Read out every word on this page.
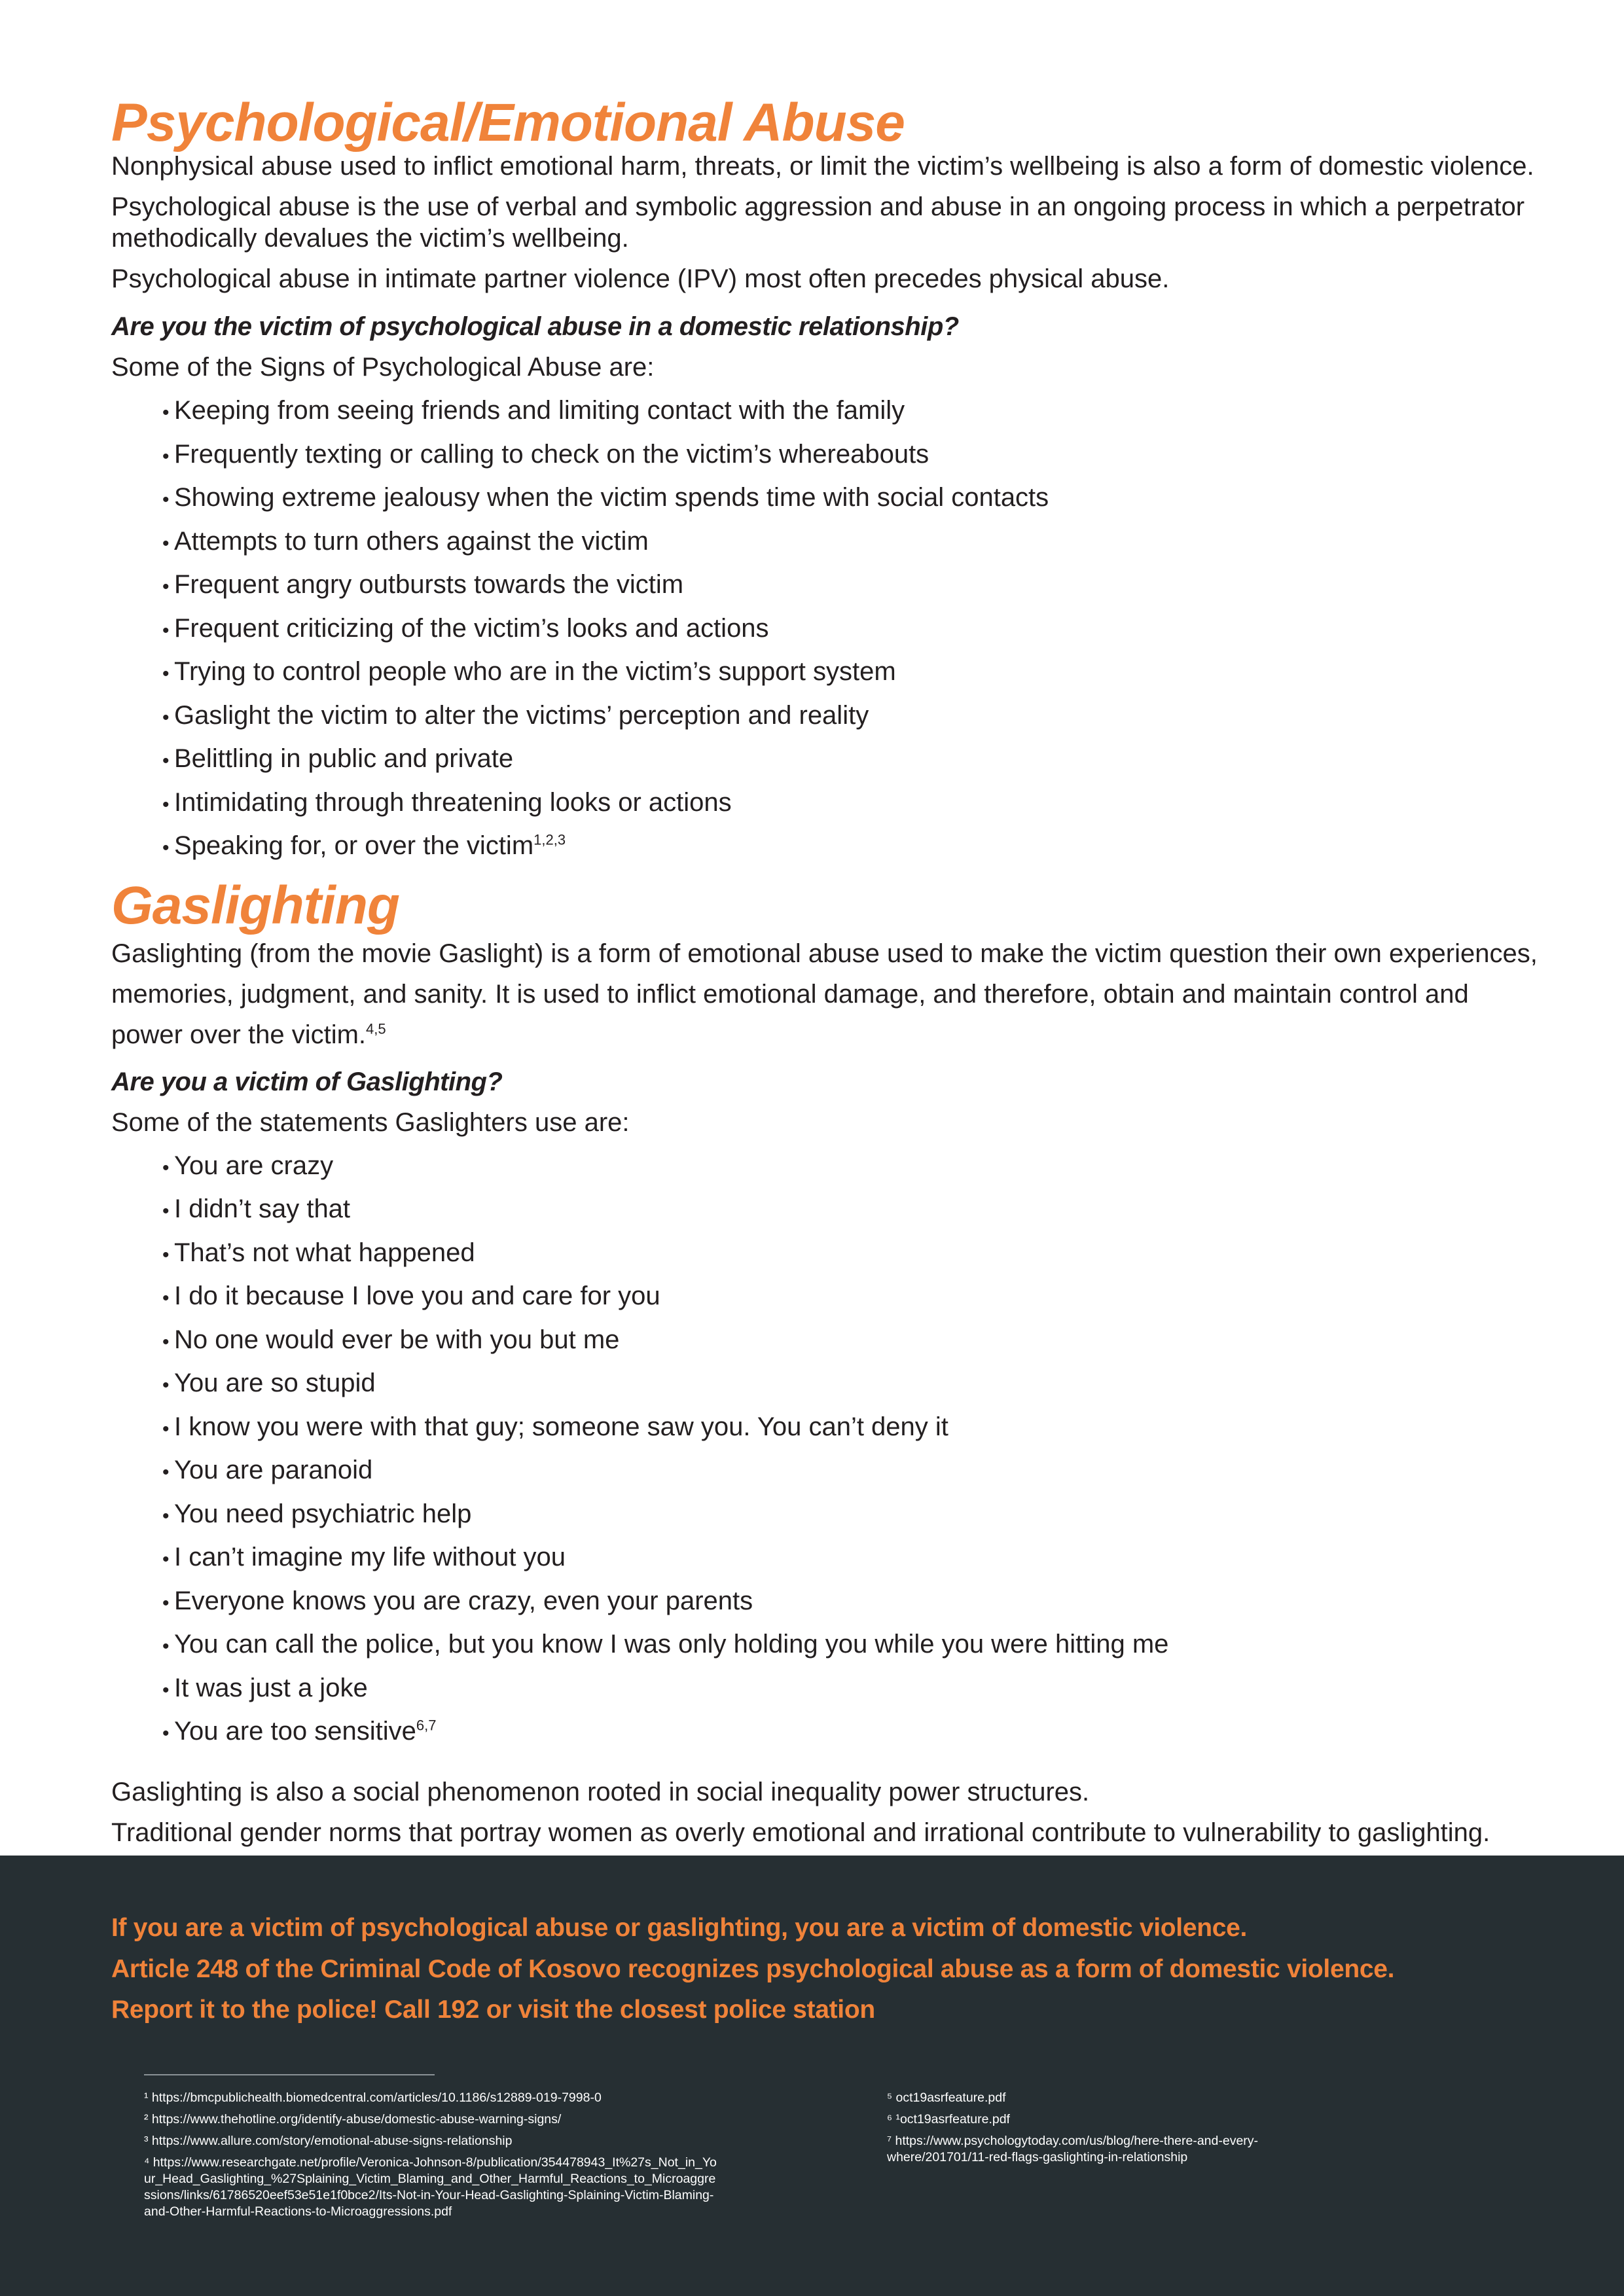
Psychological/Emotional Abuse

Nonphysical abuse used to inflict emotional harm, threats, or limit the victim’s wellbeing is also a form of domestic violence.

Psychological abuse is the use of verbal and symbolic aggression and abuse in an ongoing process in which a perpetrator methodically devalues the victim’s wellbeing.

Psychological abuse in intimate partner violence (IPV) most often precedes physical abuse.

Are you the victim of psychological abuse in a domestic relationship?

Some of the Signs of Psychological Abuse are:

• Keeping from seeing friends and limiting contact with the family
• Frequently texting or calling to check on the victim’s whereabouts
• Showing extreme jealousy when the victim spends time with social contacts
• Attempts to turn others against the victim
• Frequent angry outbursts towards the victim
• Frequent criticizing of the victim’s looks and actions
• Trying to control people who are in the victim’s support system
• Gaslight the victim to alter the victims’ perception and reality
• Belittling in public and private
• Intimidating through threatening looks or actions
• Speaking for, or over the victim$^{1,2,3}$
Gaslighting

Gaslighting (from the movie Gaslight) is a form of emotional abuse used to make the victim question their own experiences, memories, judgment, and sanity. It is used to inflict emotional damage, and therefore, obtain and maintain control and power over the victim.$^{4,5}$

Are you a victim of Gaslighting?

Some of the statements Gaslighters use are:

• You are crazy
• I didn’t say that
• That’s not what happened
• I do it because I love you and care for you
• No one would ever be with you but me
• You are so stupid
• I know you were with that guy; someone saw you. You can’t deny it
• You are paranoid
• You need psychiatric help
• I can’t imagine my life without you
• Everyone knows you are crazy, even your parents
• You can call the police, but you know I was only holding you while you were hitting me
• It was just a joke
• You are too sensitive$^{6,7}$

Gaslighting is also a social phenomenon rooted in social inequality power structures.

Traditional gender norms that portray women as overly emotional and irrational contribute to vulnerability to gaslighting.

If you are a victim of psychological abuse or gaslighting, you are a victim of domestic violence.

Article 248 of the Criminal Code of Kosovo recognizes psychological abuse as a form of domestic violence.

Report it to the police! Call 192 or visit the closest police station

¹ https://bmcpublichealth.biomedcentral.com/articles/10.1186/s12889-019-7998-0

² https://www.thehotline.org/identify-abuse/domestic-abuse-warning-signs/

³ https://www.allure.com/story/emotional-abuse-signs-relationship

⁴ https://www.researchgate.net/profile/Veronica-Johnson-8/publication/354478943_It%27s_Not_in_Your_Head_Gaslighting_%27Splaining_Victim_Blaming_and_Other_Harmful_Reactions_to_Microaggressions/links/61786520eef53e51e1f0bce2/Its-Not-in-Your-Head-Gaslighting-Splaining-Victim-Blaming-and-Other-Harmful-Reactions-to-Microaggressions.pdf

⁵ oct19asrfeature.pdf

⁶ ¹oct19asrfeature.pdf

⁷ https://www.psychologytoday.com/us/blog/here-there-and-every-where/201701/11-red-flags-gaslighting-in-relationship
